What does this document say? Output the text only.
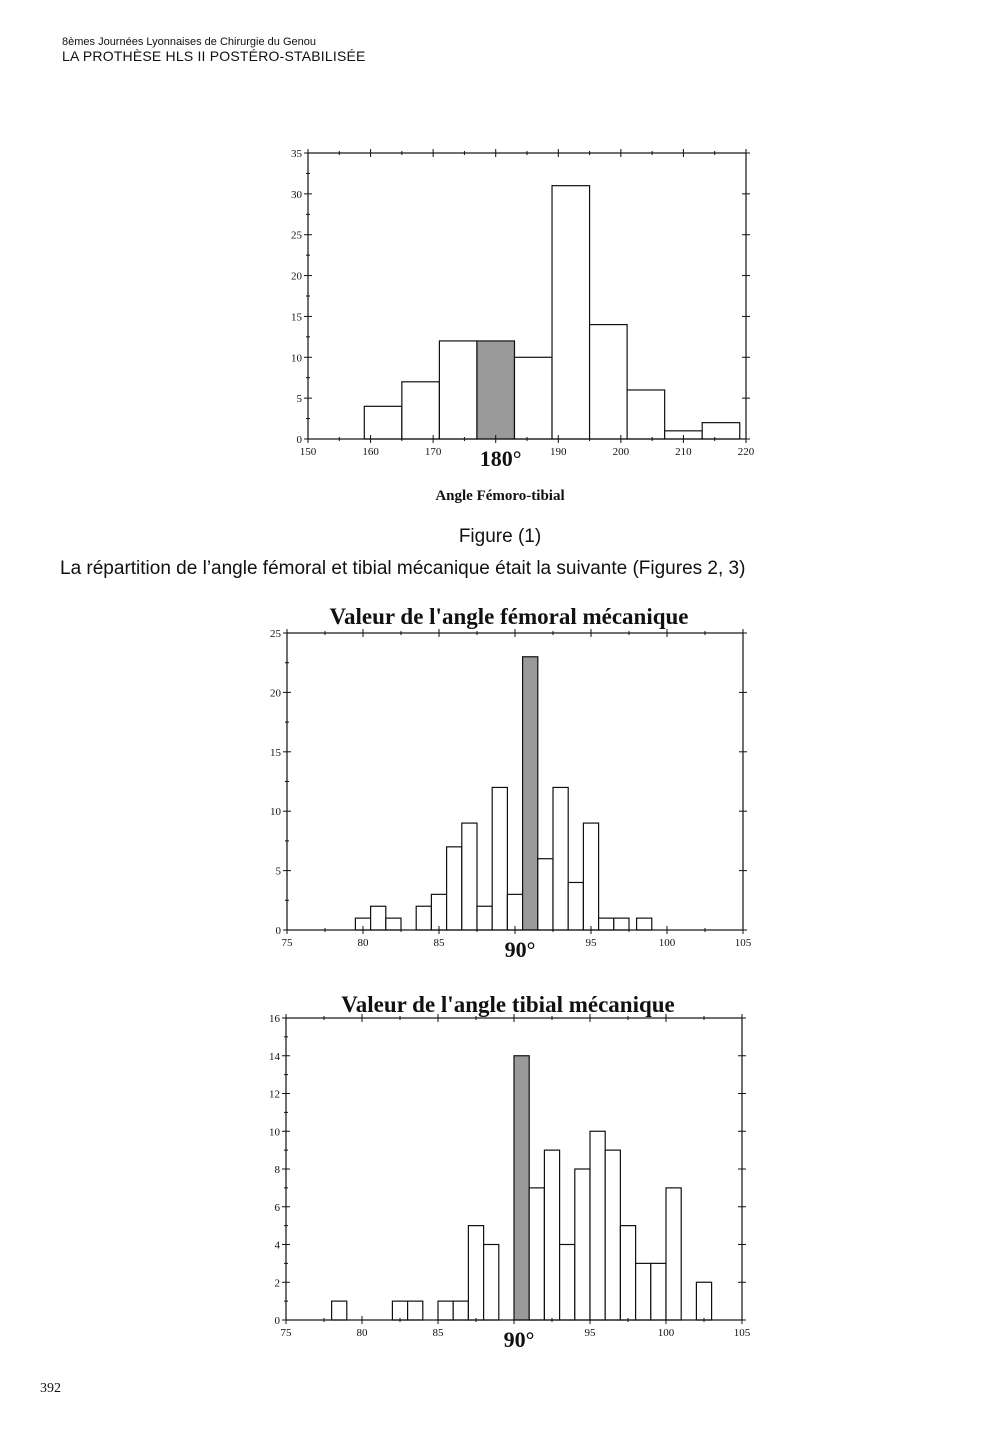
8èmes Journées Lyonnaises de Chirurgie du Genou
LA PROTHÈSE HLS II POSTÉRO-STABILISÉE
0
5
10
15
20
25
30
35
150	160	170 180°	190	200	210	220
Angle Fémoro-tibial
Figure (1)
La répartition de l’angle fémoral et tibial mécanique était la suivante (Figures 2, 3)
Valeur de l'angle fémoral mécanique
0
5
10
15
20
25
75	80	85	90°	95	100	105
Valeur de l'angle tibial mécanique
0
2
4
6
8
10
12
14
16
75	80	85	90°	95	100	105
392
